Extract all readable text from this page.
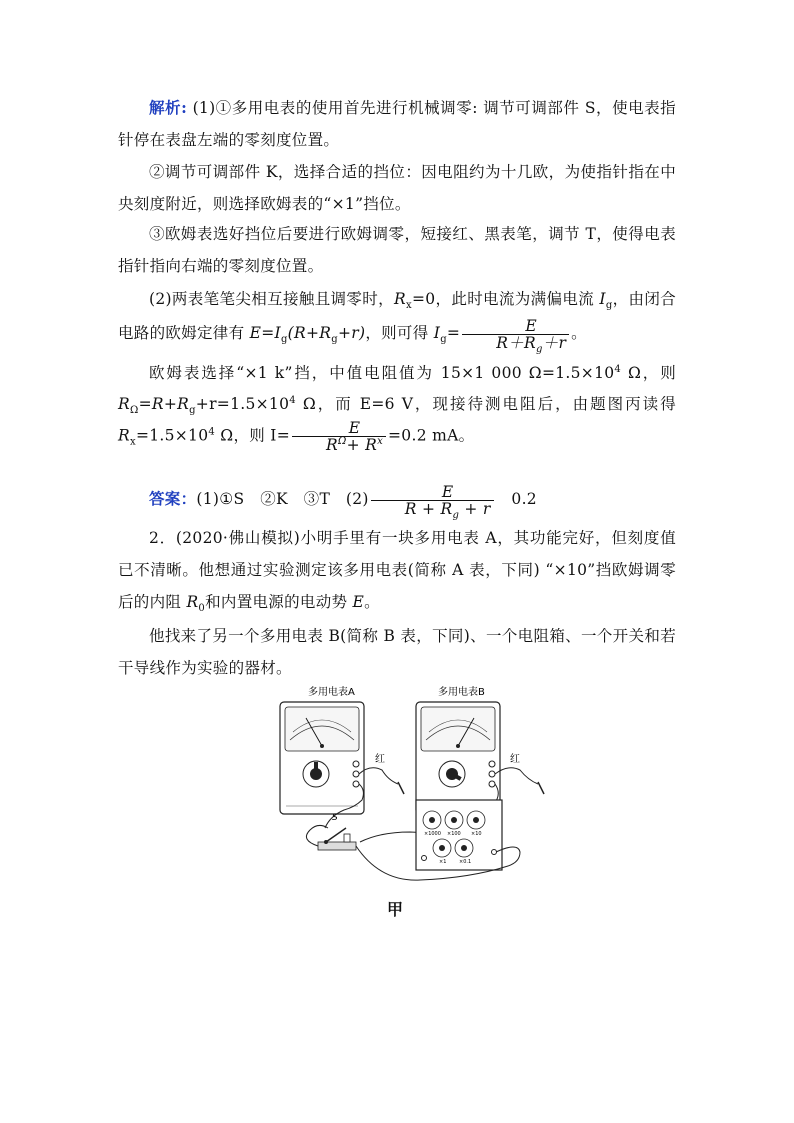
解析: (1)①多用电表的使用首先进行机械调零: 调节可调部件 S，使电表指针停在表盘左端的零刻度位置。
②调节可调部件 K，选择合适的挡位：因电阻约为十几欧，为使指针指在中央刻度附近，则选择欧姆表的“×1”挡位。
③欧姆表选好挡位后要进行欧姆调零，短接红、黑表笔，调节 T，使得电表指针指向右端的零刻度位置。
(2)两表笔笔尖相互接触且调零时，$R_x=0$，此时电流为满偏电流 $I_g$，由闭合电路的欧姆定律有 $E=I_g(R+R_g+r)$，则可得 $I_g= \frac{E}{R+R_g+r}$ 。
欧姆表选择“×1 k”挡，中值电阻值为 15×1 000 $\Omega=1.5\times 10^4$ Ω，则 $R_\Omega=R+R_g+r=1.5\times 10^4$ Ω，而 E=6 V，现接待测电阻后，由题图丙读得 $R_x=1.5\times 10^4$ Ω，则 $I= \frac{E}{R^\Omega+ R^x} =0.2$ mA。
答案：(1)①S　②K　③T　$(2) \frac{E}{R + R_g + r}$ 　0.2
2．(2020·佛山模拟)小明手里有一块多用电表 A，其功能完好，但刻度值已不清晰。他想通过实验测定该多用电表(简称 A 表，下同) “×10”挡欧姆调零后的内阻 $R_0$和内置电源的电动势 E。
他找来了另一个多用电表 B(简称 B 表，下同)、一个电阻箱、一个开关和若干导线作为实验的器材。
多用电表A
红
多用电表B
红
S
×1000 ×100 ×10
×1	×0.1
甲
